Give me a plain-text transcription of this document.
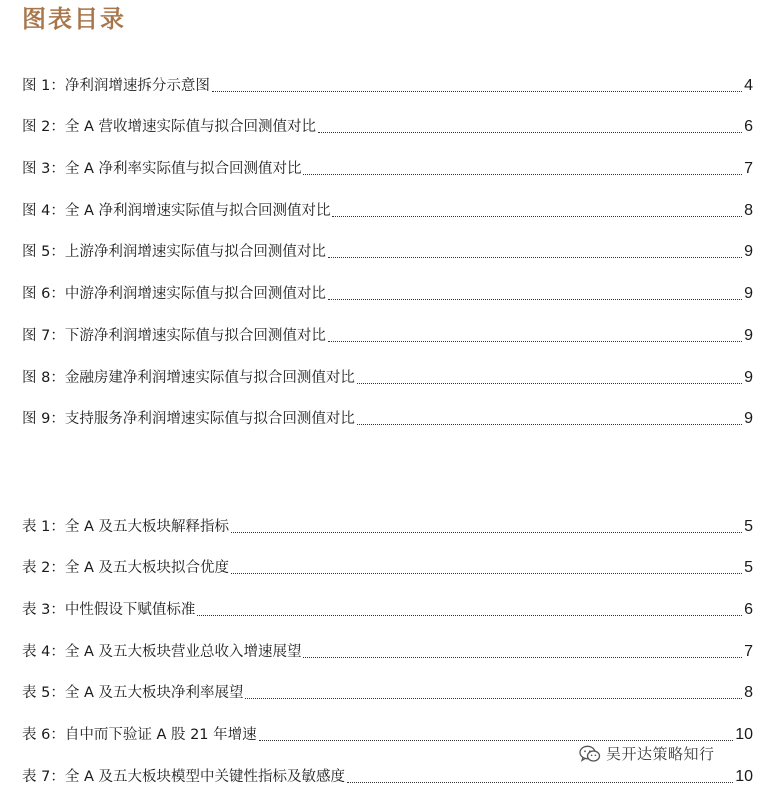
图表目录
图 1：净利润增速拆分示意图	4
图 2：全 A 营收增速实际值与拟合回测值对比	6
图 3：全 A 净利率实际值与拟合回测值对比	7
图 4：全 A 净利润增速实际值与拟合回测值对比	8
图 5：上游净利润增速实际值与拟合回测值对比	9
图 6：中游净利润增速实际值与拟合回测值对比	9
图 7：下游净利润增速实际值与拟合回测值对比	9
图 8：金融房建净利润增速实际值与拟合回测值对比	9
图 9：支持服务净利润增速实际值与拟合回测值对比	9
表 1：全 A 及五大板块解释指标	5
表 2：全 A 及五大板块拟合优度	5
表 3：中性假设下赋值标准	6
表 4：全 A 及五大板块营业总收入增速展望	7
表 5：全 A 及五大板块净利率展望	8
表 6：自中而下验证 A 股 21 年增速	10
表 7：全 A 及五大板块模型中关键性指标及敏感度	10
吴开达策略知行
